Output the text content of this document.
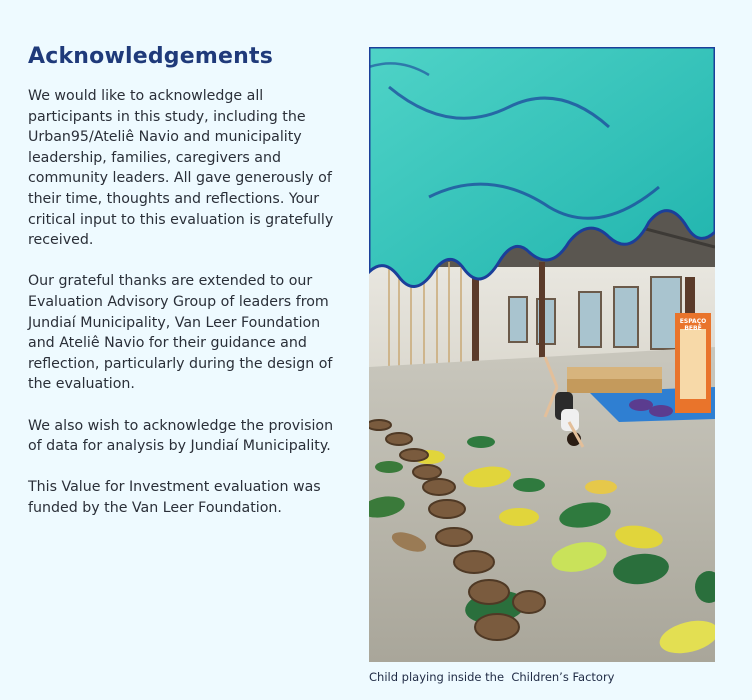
Acknowledgements

We would like to acknowledge all participants in this study, including the Urban95/Ateliê Navio and municipality leadership, families, caregivers and community leaders. All gave generously of their time, thoughts and reflections. Your critical input to this evaluation is gratefully received.

Our grateful thanks are extended to our Evaluation Advisory Group of leaders from Jundiaí Municipality, Van Leer Foundation and Ateliê Navio for their guidance and reflection, particularly during the design of the evaluation.

We also wish to acknowledge the provision of data for analysis by Jundiaí Municipality.

This Value for Investment evaluation was funded by the Van Leer Foundation.

ESPAÇO
BEBÊ
Child playing inside the  Children’s Factory
